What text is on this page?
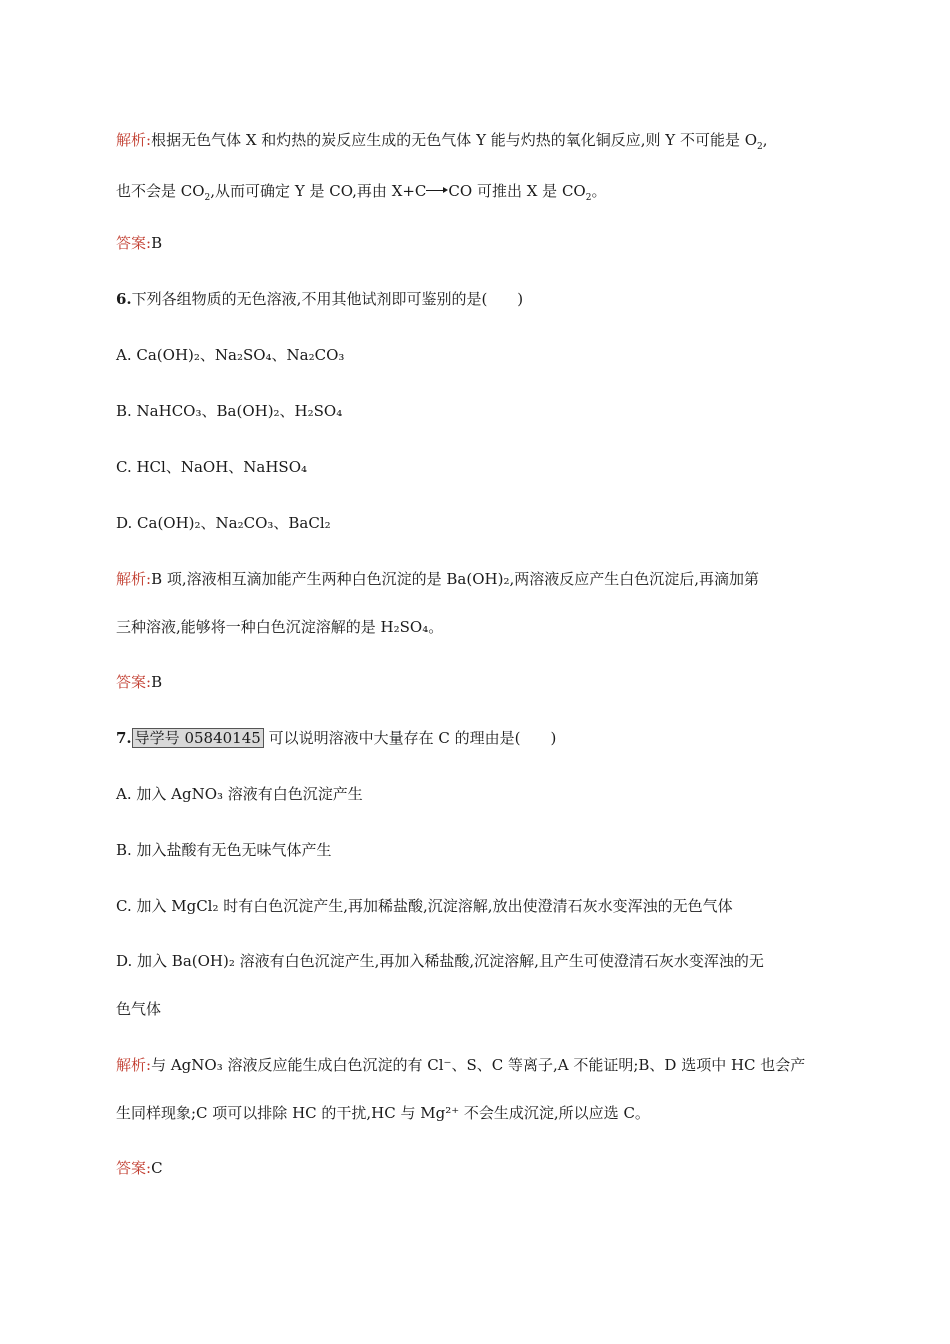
解析:根据无色气体 X 和灼热的炭反应生成的无色气体 Y 能与灼热的氧化铜反应,则 Y 不可能是 $O_2$,
也不会是 $CO_2$,从而可确定 Y 是 CO,再由 X+C CO 可推出 X 是 $CO_2$。
答案:B
6.下列各组物质的无色溶液,不用其他试剂即可鉴别的是(　　)
A. Ca(OH)₂、Na₂SO₄、Na₂CO₃
B. NaHCO₃、Ba(OH)₂、H₂SO₄
C. HCl、NaOH、NaHSO₄
D. Ca(OH)₂、Na₂CO₃、BaCl₂
解析:B 项,溶液相互滴加能产生两种白色沉淀的是 Ba(OH)₂,两溶液反应产生白色沉淀后,再滴加第
三种溶液,能够将一种白色沉淀溶解的是 H₂SO₄。
答案:B
7. 导学号 05840145 可以说明溶液中大量存在 C 的理由是(　　)
A. 加入 AgNO₃ 溶液有白色沉淀产生
B. 加入盐酸有无色无味气体产生
C. 加入 MgCl₂ 时有白色沉淀产生,再加稀盐酸,沉淀溶解,放出使澄清石灰水变浑浊的无色气体
D. 加入 Ba(OH)₂ 溶液有白色沉淀产生,再加入稀盐酸,沉淀溶解,且产生可使澄清石灰水变浑浊的无
色气体
解析:与 AgNO₃ 溶液反应能生成白色沉淀的有 Cl⁻、S、C 等离子,A 不能证明;B、D 选项中 HC 也会产
生同样现象;C 项可以排除 HC 的干扰,HC 与 Mg²⁺ 不会生成沉淀,所以应选 C。
答案:C
